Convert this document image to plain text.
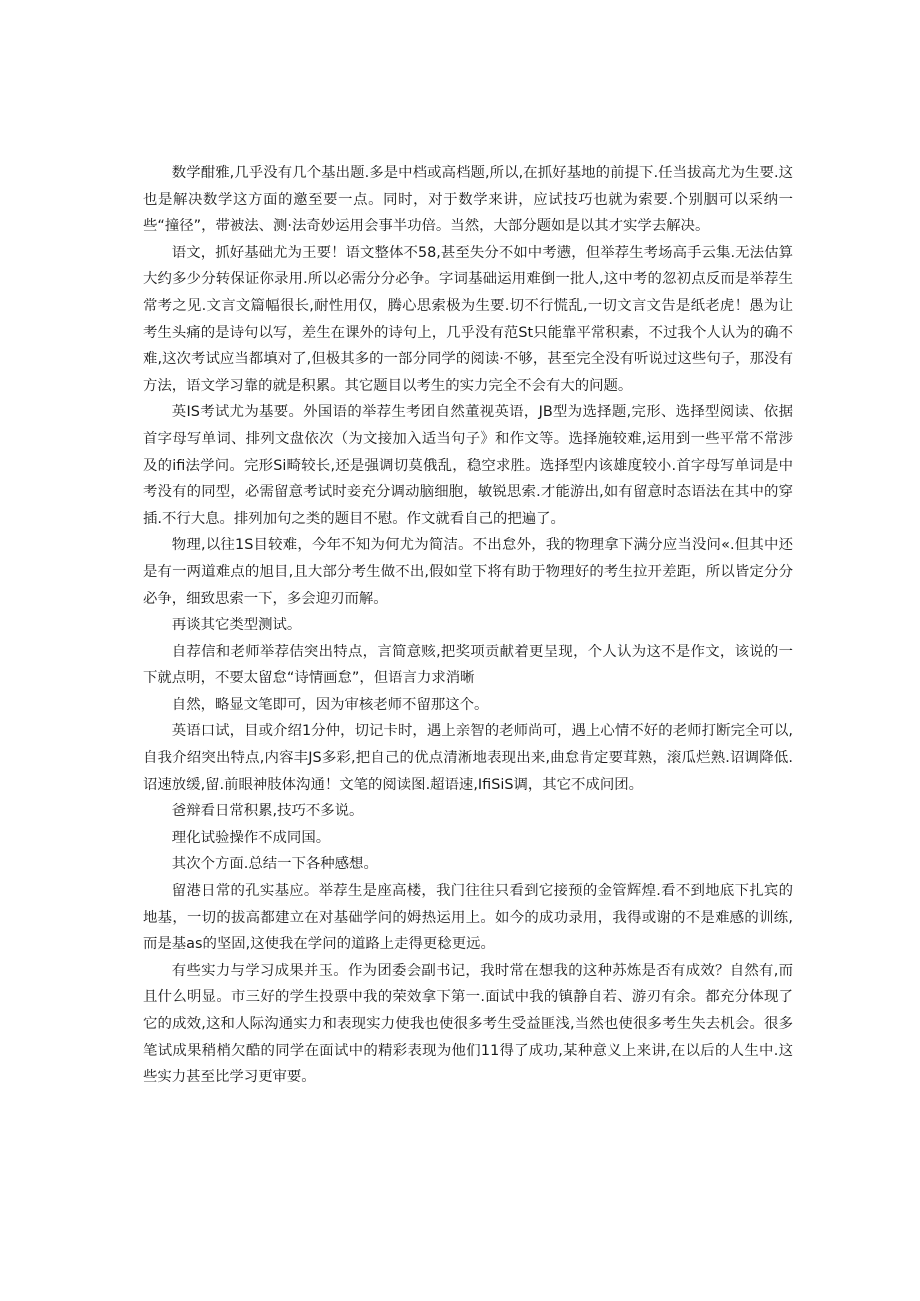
数学酣雅,几乎没有几个基出题.多是中档或高档题,所以,在抓好基地的前提下.任当拔高尤为生要.这也是解决数学这方面的邀至要一点。同时，对于数学来讲，应试技巧也就为索要.个别胭可以采纳一些“撞径”，带被法、测·法奇妙运用会事半功倍。当然，大部分题如是以其才实学去解决。

语文，抓好基础尤为王要！语文整体不58,甚至失分不如中考懑，但举荐生考场高手云集.无法估算大约多少分转保证你录用.所以必需分分必争。字词基础运用难倒一批人,这中考的忽初点反而是举荐生常考之见.文言文篇幅很长,耐性用仅，腾心思索极为生要.切不行慌乱,一切文言文告是纸老虎！愚为让考生头痛的是诗句以写，差生在课外的诗句上，几乎没有范St只能靠平常积素，不过我个人认为的确不难,这次考试应当都填对了,但极其多的一部分同学的阅读·不够，甚至完全没有听说过这些句子，那没有方法，语文学习靠的就是积累。其它题目以考生的实力完全不会有大的问题。

英IS考试尤为基要。外国语的举荐生考团自然董视英语，JB型为选择题,完形、选择型阅读、依据首字母写单词、排列文盘依次（为文接加入适当句子》和作文等。选择施较难,运用到一些平常不常涉及的ifi法学问。完形Si畸较长,还是强调切莫俄乱，稳空求胜。选择型内该雄度较小.首字母写单词是中考没有的同型，必需留意考试时妾充分调动脑细胞，敏锐思索.才能游出,如有留意时态语法在其中的穿插.不行大息。排列加句之类的题目不慰。作文就看自己的把遍了。

物理,以往1S目较难，今年不知为何尤为简洁。不出怠外，我的物理拿下满分应当没问«.但其中还是有一两道难点的旭目,且大部分考生做不出,假如堂下将有助于物理好的考生拉开差距，所以皆定分分必争，细致思索一下，多会迎刃而解。

再谈其它类型测试。

自荐信和老师举荐佶突出特点，言简意赅,把奖项贡献着更呈现，个人认为这不是作文，该说的一下就点明，不要太留怠“诗情画怠”，但语言力求消晰

自然，略显文笔即可，因为审核老师不留那这个。

英语口试，目或介绍1分仲，切记卡时，遇上亲智的老师尚可，遇上心情不好的老师打断完全可以,自我介绍突出特点,内容丰JS多彩,把自己的优点清淅地表现出来,曲怠肯定要茸熟，滚瓜烂熟.诏调降低.诏速放缓,留.前眼神肢体沟通！文笔的阅读图.超语速,IfiSiS调，其它不成问团。

爸辩看日常积累,技巧不多说。

理化试验操作不成同国。

其次个方面.总结一下各种感想。

留港日常的孔实基应。举荐生是座高楼，我门往往只看到它接预的金管辉煌.看不到地底下扎宾的地基，一切的拔高都建立在对基础学问的姆热运用上。如今的成功录用，我得或谢的不是难感的训练,而是基as的坚固,这使我在学问的道路上走得更稔更远。

有些实力与学习成果并玉。作为团委会副书记，我时常在想我的这种苏炼是否有成效？自然有,而且什么明显。市三好的学生投票中我的荣效拿下第一.面试中我的镇静自若、游刃有余。都充分体现了它的成效,这和人际沟通实力和表现实力使我也使很多考生受益匪浅,当然也使很多考生失去机会。很多笔试成果稍梢欠酷的同学在面试中的精彩表现为他们11得了成功,某种意义上来讲,在以后的人生中.这些实力甚至比学习更审要。
